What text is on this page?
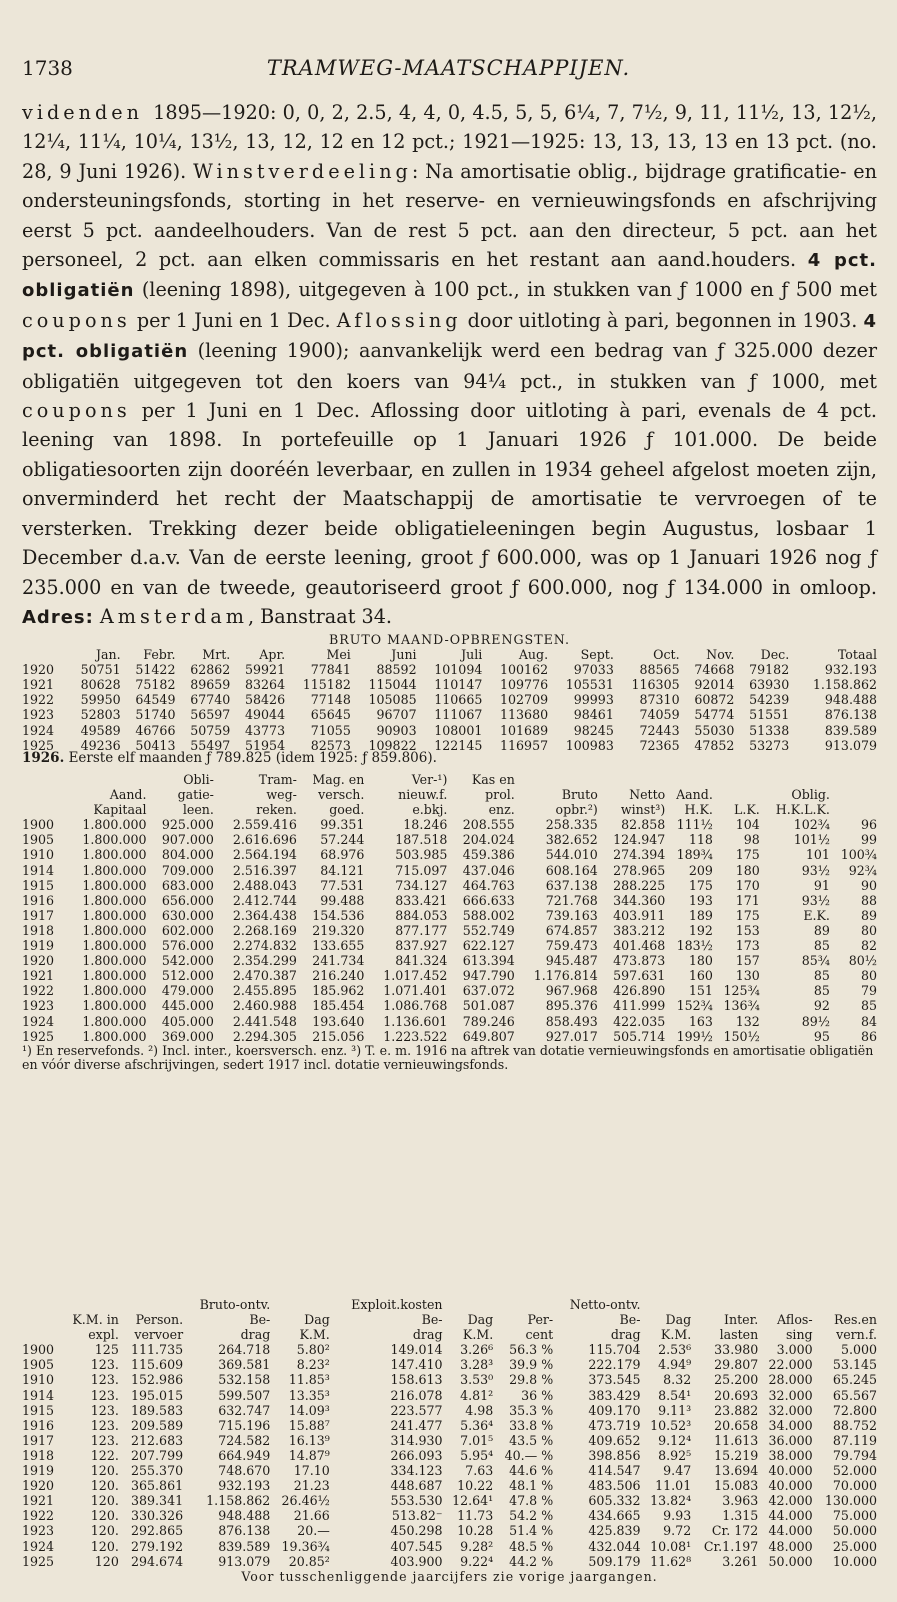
1738	TRAMWEG-MAATSCHAPPIJEN.

videnden 1895—1920: 0, 0, 2, 2.5, 4, 4, 0, 4.5, 5, 5, 6¼, 7, 7½, 9, 11, 11½, 13, 12½, 12¼, 11¼, 10¼, 13½, 13, 12, 12 en 12 pct.; 1921—1925: 13, 13, 13, 13 en 13 pct. (no. 28, 9 Juni 1926). Winstverdeeling: Na amortisatie oblig., bijdrage gratificatie- en ondersteuningsfonds, storting in het reserve- en vernieuwingsfonds en afschrijving eerst 5 pct. aandeelhouders. Van de rest 5 pct. aan den directeur, 5 pct. aan het personeel, 2 pct. aan elken commissaris en het restant aan aand.houders. 4 pct. obligatiën (leening 1898), uitgegeven à 100 pct., in stukken van ƒ 1000 en ƒ 500 met coupons per 1 Juni en 1 Dec. Aflossing door uitloting à pari, begonnen in 1903. 4 pct. obligatiën (leening 1900); aanvankelijk werd een bedrag van ƒ 325.000 dezer obligatiën uitgegeven tot den koers van 94¼ pct., in stukken van ƒ 1000, met coupons per 1 Juni en 1 Dec. Aflossing door uitloting à pari, evenals de 4 pct. leening van 1898. In portefeuille op 1 Januari 1926 ƒ 101.000. De beide obligatiesoorten zijn dooréén leverbaar, en zullen in 1934 geheel afgelost moeten zijn, onverminderd het recht der Maatschappij de amortisatie te vervroegen of te versterken. Trekking dezer beide obligatieleeningen begin Augustus, losbaar 1 December d.a.v. Van de eerste leening, groot ƒ 600.000, was op 1 Januari 1926 nog ƒ 235.000 en van de tweede, geautoriseerd groot ƒ 600.000, nog ƒ 134.000 in omloop. Adres: Amsterdam, Banstraat 34.

BRUTO MAAND-OPBRENGSTEN.
	Jan.	Febr.	Mrt.	Apr.	Mei	Juni	Juli	Aug.	Sept.	Oct.	Nov.	Dec.	Totaal
1920	50751	51422	62862	59921	77841	88592	101094	100162	97033	88565	74668	79182	932.193
1921	80628	75182	89659	83264	115182	115044	110147	109776	105531	116305	92014	63930	1.158.862
1922	59950	64549	67740	58426	77148	105085	110665	102709	99993	87310	60872	54239	948.488
1923	52803	51740	56597	49044	65645	96707	111067	113680	98461	74059	54774	51551	876.138
1924	49589	46766	50759	43773	71055	90903	108001	101689	98245	72443	55030	51338	839.589
1925	49236	50413	55497	51954	82573	109822	122145	116957	100983	72365	47852	53273	913.079
1926. Eerste elf maanden ƒ 789.825 (idem 1925: ƒ 859.806).
		Obli-	Tram-	Mag. en	Ver-¹)	Kas en						
	Aand.	gatie-	weg-	versch.	nieuw.f.	prol.	Bruto	Netto	Aand.		Oblig.	
	Kapitaal	leen.	reken.	goed.	e.bkj.	enz.	opbr.²)	winst³)	H.K.	L.K.	H.K.L.K.	
1900	1.800.000	925.000	2.559.416	99.351	18.246	208.555	258.335	82.858	111½	104	102¾	96
1905	1.800.000	907.000	2.616.696	57.244	187.518	204.024	382.652	124.947	118	98	101½	99
1910	1.800.000	804.000	2.564.194	68.976	503.985	459.386	544.010	274.394	189¾	175	101	100¾
1914	1.800.000	709.000	2.516.397	84.121	715.097	437.046	608.164	278.965	209	180	93½	92¾
1915	1.800.000	683.000	2.488.043	77.531	734.127	464.763	637.138	288.225	175	170	91	90
1916	1.800.000	656.000	2.412.744	99.488	833.421	666.633	721.768	344.360	193	171	93½	88
1917	1.800.000	630.000	2.364.438	154.536	884.053	588.002	739.163	403.911	189	175	E.K.	89
1918	1.800.000	602.000	2.268.169	219.320	877.177	552.749	674.857	383.212	192	153	89	80
1919	1.800.000	576.000	2.274.832	133.655	837.927	622.127	759.473	401.468	183½	173	85	82
1920	1.800.000	542.000	2.354.299	241.734	841.324	613.394	945.487	473.873	180	157	85¾	80½
1921	1.800.000	512.000	2.470.387	216.240	1.017.452	947.790	1.176.814	597.631	160	130	85	80
1922	1.800.000	479.000	2.455.895	185.962	1.071.401	637.072	967.968	426.890	151	125¾	85	79
1923	1.800.000	445.000	2.460.988	185.454	1.086.768	501.087	895.376	411.999	152¾	136¾	92	85
1924	1.800.000	405.000	2.441.548	193.640	1.136.601	789.246	858.493	422.035	163	132	89½	84
1925	1.800.000	369.000	2.294.305	215.056	1.223.522	649.807	927.017	505.714	199½	150½	95	86
¹) En reservefonds. ²) Incl. inter., koersversch. enz. ³) T. e. m. 1916 na aftrek van dotatie vernieuwingsfonds en amortisatie obligatiën en vóór diverse afschrijvingen, sedert 1917 incl. dotatie vernieuwingsfonds.
			Bruto-ontv.		Exploit.kosten			Netto-ontv.				
	K.M. in	Person.	Be-	Dag	Be-	Dag	Per-	Be-	Dag	Inter.	Aflos-	Res.en
	expl.	vervoer	drag	K.M.	drag	K.M.	cent	drag	K.M.	lasten	sing	vern.f.
1900	125	111.735	264.718	5.80²	149.014	3.26⁶	56.3 %	115.704	2.53⁶	33.980	3.000	5.000
1905	123.	115.609	369.581	8.23²	147.410	3.28³	39.9 %	222.179	4.94⁹	29.807	22.000	53.145
1910	123.	152.986	532.158	11.85³	158.613	3.53⁰	29.8 %	373.545	8.32	25.200	28.000	65.245
1914	123.	195.015	599.507	13.35³	216.078	4.81²	36 %	383.429	8.54¹	20.693	32.000	65.567
1915	123.	189.583	632.747	14.09³	223.577	4.98	35.3 %	409.170	9.11³	23.882	32.000	72.800
1916	123.	209.589	715.196	15.88⁷	241.477	5.36⁴	33.8 %	473.719	10.52³	20.658	34.000	88.752
1917	123.	212.683	724.582	16.13⁹	314.930	7.01⁵	43.5 %	409.652	9.12⁴	11.613	36.000	87.119
1918	122.	207.799	664.949	14.87⁹	266.093	5.95⁴	40.— %	398.856	8.92⁵	15.219	38.000	79.794
1919	120.	255.370	748.670	17.10	334.123	7.63	44.6 %	414.547	9.47	13.694	40.000	52.000
1920	120.	365.861	932.193	21.23	448.687	10.22	48.1 %	483.506	11.01	15.083	40.000	70.000
1921	120.	389.341	1.158.862	26.46½	553.530	12.64¹	47.8 %	605.332	13.82⁴	3.963	42.000	130.000
1922	120.	330.326	948.488	21.66	513.82⁻	11.73	54.2 %	434.665	9.93	1.315	44.000	75.000
1923	120.	292.865	876.138	20.—	450.298	10.28	51.4 %	425.839	9.72	Cr. 172	44.000	50.000
1924	120.	279.192	839.589	19.36¾	407.545	9.28²	48.5 %	432.044	10.08¹	Cr.1.197	48.000	25.000
1925	120	294.674	913.079	20.85²	403.900	9.22⁴	44.2 %	509.179	11.62⁸	3.261	50.000	10.000
Voor tusschenliggende jaarcijfers zie vorige jaargangen.
